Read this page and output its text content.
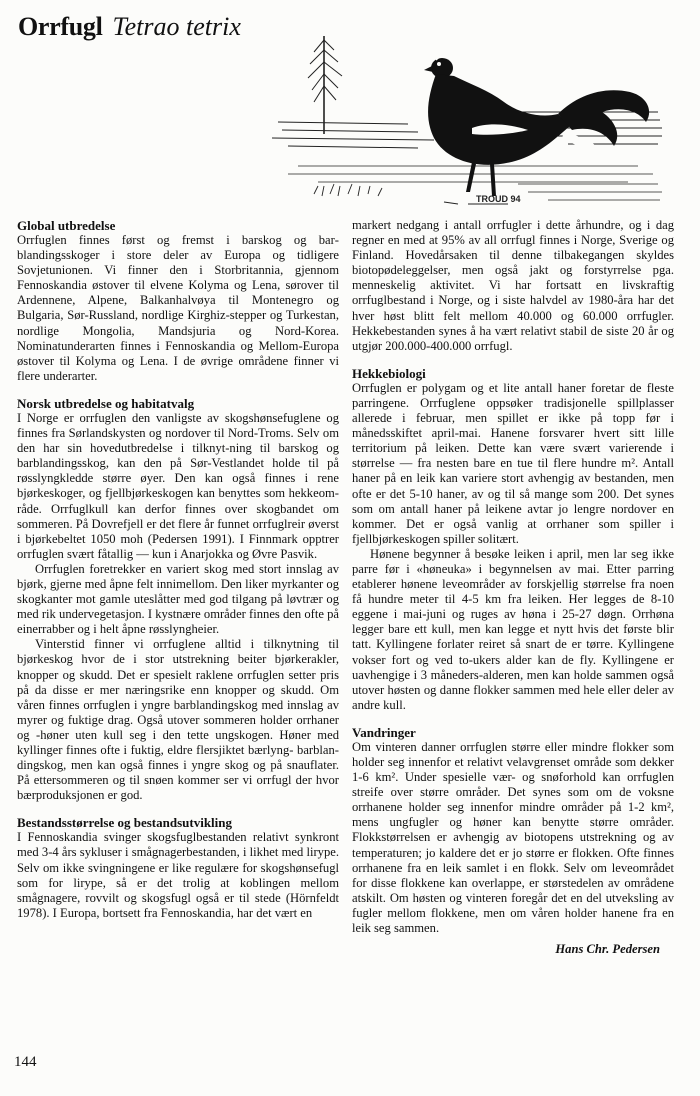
Orrfugl Tetrao tetrix
TROUD 94
Global utbredelse

Orrfuglen finnes først og fremst i barskog og barblandingsskoger i store deler av Europa og tidligere Sovjetunionen. Vi finner den i Storbritannia, gjennom Fennoskandia østover til elvene Kolyma og Lena, sørover til Ardennene, Alpene, Balkanhalvøya til Montenegro og Bulgaria, Sør-Russland, nordlige Kirghiz-stepper og Turkestan, nordlige Mongolia, Mandsjuria og Nord-Korea. Nominatunderarten finnes i Fennoskandia og Mellom-Europa østover til Kolyma og Lena. I de øvrige områdene finner vi flere underarter.

Norsk utbredelse og habitatvalg

I Norge er orrfuglen den vanligste av skogshønsefuglene og finnes fra Sørlandskysten og nordover til Nord-Troms. Selv om den har sin hovedutbredelse i tilknyt-ning til barskog og barblandingsskog, kan den på Sør-Vestlandet holde til på røsslyngkledde større øyer. Den kan også finnes i rene bjørkeskoger, og fjellbjørkeskogen kan benyttes som hekkeområde. Orrfuglkull kan derfor finnes over skogbandet om sommeren. På Dovrefjell er det flere år funnet orrfuglreir øverst i bjørkebeltet 1050 moh (Pedersen 1991). I Finnmark opptrer orrfuglen svært fåtallig — kun i Anarjokka og Øvre Pasvik.

Orrfuglen foretrekker en variert skog med stort innslag av bjørk, gjerne med åpne felt innimellom. Den liker myrkanter og skogkanter mot gamle uteslåtter med god tilgang på løvtrær og med rik undervegetasjon. I kystnære områder finnes den ofte på einerrabber og i helt åpne røsslyngheier.

Vinterstid finner vi orrfuglene alltid i tilknytning til bjørkeskog hvor de i stor utstrekning beiter bjørkerakler, knopper og skudd. Det er spesielt raklene orrfuglen setter pris på da disse er mer næringsrike enn knopper og skudd. Om våren finnes orrfuglen i yngre barblandingskog med innslag av myrer og fuktige drag. Også utover sommeren holder orrhaner og -høner uten kull seg i den tette ungskogen. Høner med kyllinger finnes ofte i fuktig, eldre flersjiktet bærlyng- barblandingskog, men kan også finnes i yngre skog og på snauflater. På ettersommeren og til snøen kommer ser vi orrfugl der hvor bærproduksjonen er god.

Bestandsstørrelse og bestandsutvikling

I Fennoskandia svinger skogsfuglbestanden relativt synkront med 3-4 års sykluser i smågnagerbestanden, i likhet med lirype. Selv om ikke svingningene er like regulære for skogshønsefugl som for lirype, så er det trolig at koblingen mellom smågnagere, rovvilt og skogsfugl også er til stede (Hörnfeldt 1978). I Europa, bortsett fra Fennoskandia, har det vært en

markert nedgang i antall orrfugler i dette århundre, og i dag regner en med at 95% av all orrfugl finnes i Norge, Sverige og Finland. Hovedårsaken til denne tilbakegangen skyldes biotopødeleggelser, men også jakt og forstyrrelse pga. menneskelig aktivitet. Vi har fortsatt en livskraftig orrfuglbestand i Norge, og i siste halvdel av 1980-åra har det hver høst blitt felt mellom 40.000 og 60.000 orrfugler. Hekkebestanden synes å ha vært relativt stabil de siste 20 år og utgjør 200.000-400.000 orrfugl.

Hekkebiologi

Orrfuglen er polygam og et lite antall haner foretar de fleste parringene. Orrfuglene oppsøker tradisjonelle spillplasser allerede i februar, men spillet er ikke på topp før i månedsskiftet april-mai. Hanene forsvarer hvert sitt lille territorium på leiken. Dette kan være svært varierende i størrelse — fra nesten bare en tue til flere hundre m². Antall haner på en leik kan variere stort avhengig av bestanden, men ofte er det 5-10 haner, av og til så mange som 200. Det synes som om antall haner på leikene avtar jo lengre nordover en kommer. Det er også vanlig at orrhaner som spiller i fjellbjørkeskogen spiller solitært.

Hønene begynner å besøke leiken i april, men lar seg ikke parre før i «høneuka» i begynnelsen av mai. Etter parring etablerer hønene leveområder av forskjellig størrelse fra noen få hundre meter til 4-5 km fra leiken. Her legges de 8-10 eggene i mai-juni og ruges av høna i 25-27 døgn. Orrhøna legger bare ett kull, men kan legge et nytt hvis det første blir tatt. Kyllingene forlater reiret så snart de er tørre. Kyllingene vokser fort og ved to-ukers alder kan de fly. Kyllingene er uavhengige i 3 måneders-alderen, men kan holde sammen også utover høsten og danne flokker sammen med hele eller deler av andre kull.

Vandringer

Om vinteren danner orrfuglen større eller mindre flokker som holder seg innenfor et relativt velavgrenset område som dekker 1-6 km². Under spesielle vær- og snøforhold kan orrfuglen streife over større områder. Det synes som om de voksne orrhanene holder seg innenfor mindre områder på 1-2 km², mens ungfugler og høner kan benytte større områder. Flokkstørrelsen er avhengig av biotopens utstrekning og av temperaturen; jo kaldere det er jo større er flokken. Ofte finnes orrhanene fra en leik samlet i en flokk. Selv om leveområdet for disse flokkene kan overlappe, er størstedelen av områdene atskilt. Om høsten og vinteren foregår det en del utveksling av fugler mellom flokkene, men om våren holder hanene fra en leik seg sammen.

Hans Chr. Pedersen
144
